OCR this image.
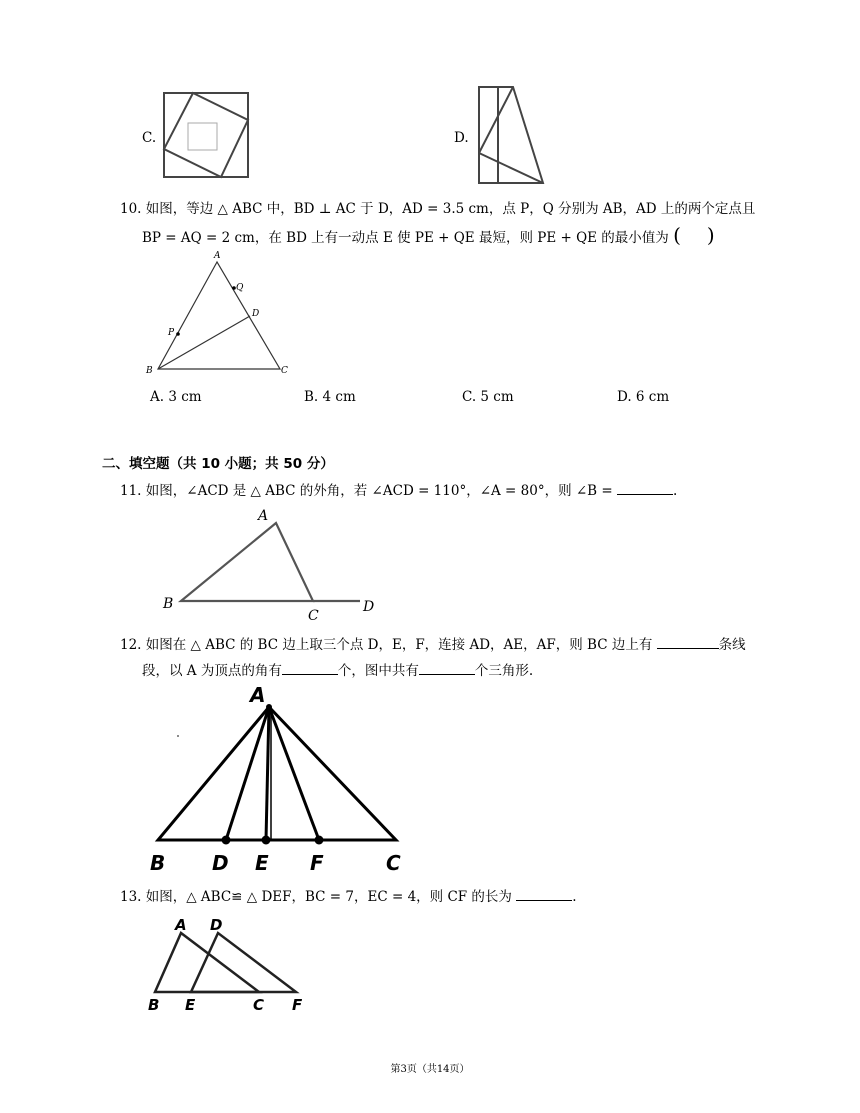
C.	D.
10. 如图，等边 △ ABC 中，BD ⊥ AC 于 D，AD = 3.5 cm，点 P，Q 分别为 AB，AD 上的两个定点且
BP = AQ = 2 cm，在 BD 上有一动点 E 使 PE + QE 最短，则 PE + QE 的最小值为 ( )
A
B	C
D
Q
P
A. 3 cm	B. 4 cm	C. 5 cm	D. 6 cm
二、填空题（共 10 小题；共 50 分）
11. 如图，∠ACD 是 △ ABC 的外角，若 ∠ACD = 110°，∠A = 80°，则 ∠B =	.
A
B
C
D
12. 如图在 △ ABC 的 BC 边上取三个点 D，E，F，连接 AD，AE，AF，则 BC 边上有	条线
段，以 A 为顶点的角有	个，图中共有	个三角形.
A
B D E F	C
13. 如图，△ ABC≌ △ DEF，BC = 7，EC = 4，则 CF 的长为	.
A D
B E	C F
第3页（共14页）
